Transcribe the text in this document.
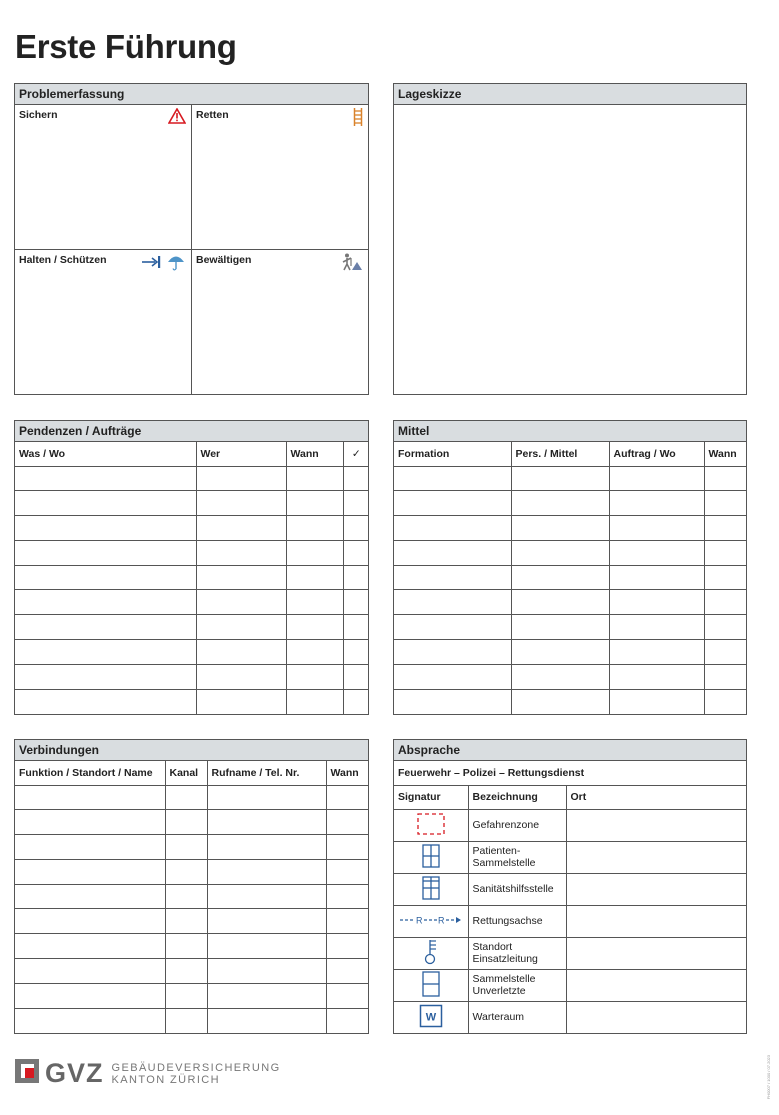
Erste Führung
Problemerfassung
Sichern	Retten
Halten / Schützen	Bewältigen
Lageskizze
Pendenzen / Aufträge
Was / Wo	Wer	Wann	✓

Mittel
Formation	Pers. / Mittel	Auftrag / Wo	Wann

Verbindungen
Funktion / Standort / Name	Kanal	Rufname / Tel. Nr.	Wann

Absprache
Feuerwehr – Polizei – Rettungsdienst		
Signatur	Bezeichnung	Ort
	Gefahrenzone	
	Patienten-
Sammelstelle	
	Sanitätshilfsstelle	

R R	Rettungsachse	
	Standort
Einsatzleitung	
	Sammelstelle
Unverletzte	

W	Warteraum	
GVZ GEBÄUDEVERSICHERUNG
KANTON ZÜRICH	FH0007 / 1000 / 07.2023
